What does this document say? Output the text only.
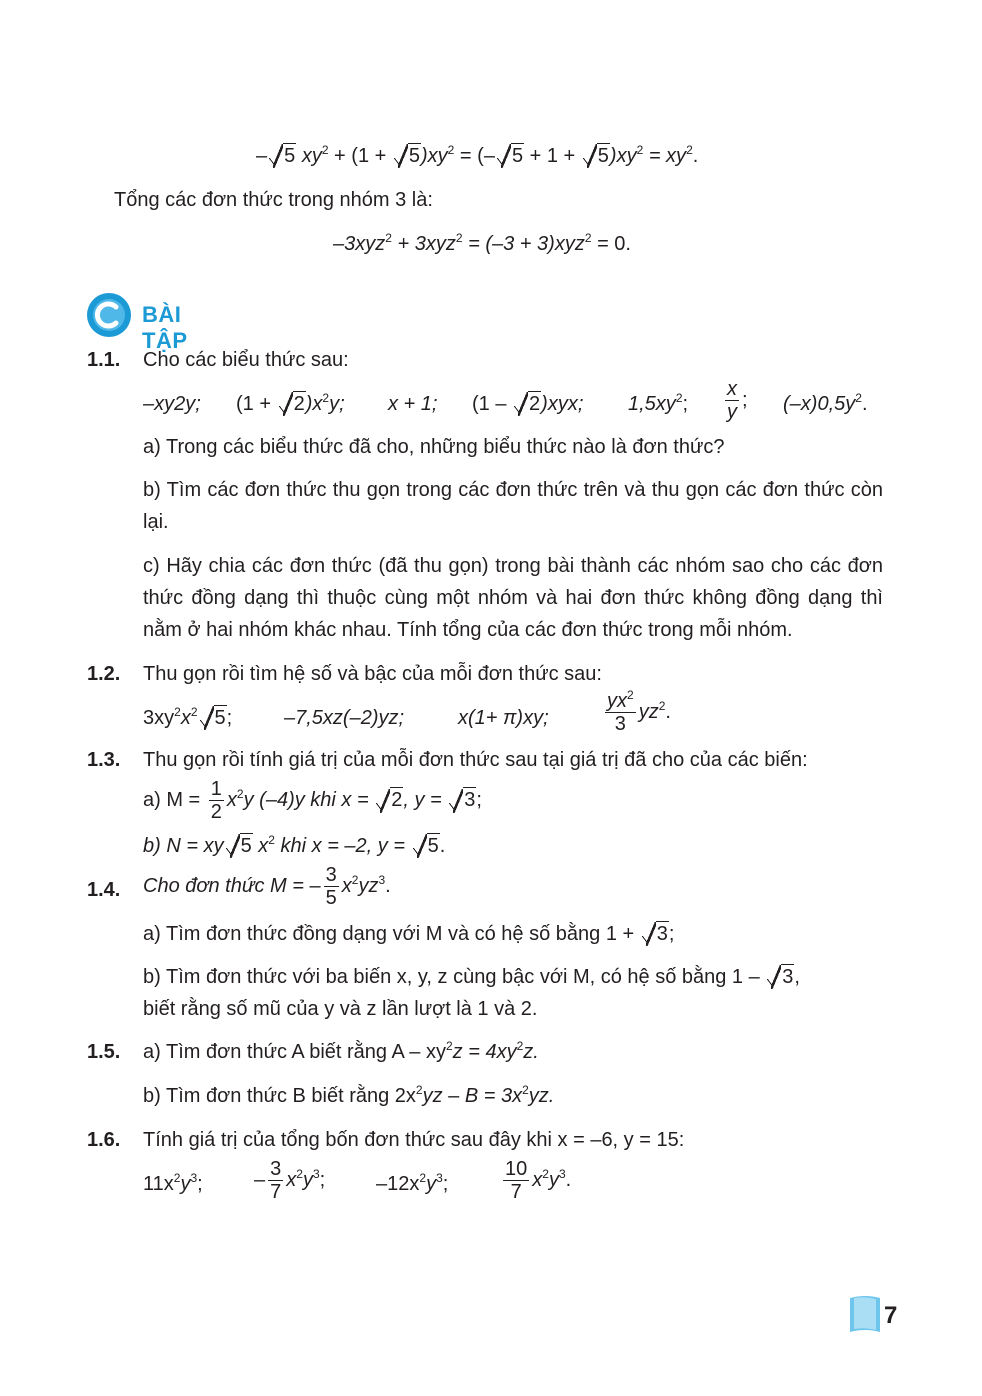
– 5 $xy^2 + (1 + 5)xy^2$ = (– $5 + 1 + 5)xy^2 = xy^2$.
Tổng các đơn thức trong nhóm 3 là:
–3xyz$^2$ + 3xyz$^2$ = (–3 + 3)xyz$^2$ = 0.
BÀI TẬP
1.1. Cho các biểu thức sau:
–xy2y; $(1 + 2)x^2y$; x + 1; (1 – 2)xyx; $1,5xy^2$; $\frac{x}{y}$ ; $(-x)0,5y^2$.
a) Trong các biểu thức đã cho, những biểu thức nào là đơn thức?
b) Tìm các đơn thức thu gọn trong các đơn thức trên và thu gọn các đơn thức còn lại.
c) Hãy chia các đơn thức (đã thu gọn) trong bài thành các nhóm sao cho các đơn thức đồng dạng thì thuộc cùng một nhóm và hai đơn thức không đồng dạng thì nằm ở hai nhóm khác nhau. Tính tổng của các đơn thức trong mỗi nhóm.
1.2. Thu gọn rồi tìm hệ số và bậc của mỗi đơn thức sau:
$3xy^2x^2$ 5;	–7,5xz(–2)yz;	x(1+ π)xy;	$\frac{yx^2}{3} yz^2$.
1.3. Thu gọn rồi tính giá trị của mỗi đơn thức sau tại giá trị đã cho của các biến:
a) $M = \frac{1}{2} x^2y$ (–4)y khi x = 2, y = 3;
b) N = xy 5 $x^2$ khi x = –2, y = 5.
1.4. Cho đơn thức M = – $\frac{3}{5} x^2yz^3$.
a) Tìm đơn thức đồng dạng với M và có hệ số bằng 1 + 3;
b) Tìm đơn thức với ba biến x, y, z cùng bậc với M, có hệ số bằng 1 – 3,
biết rằng số mũ của y và z lần lượt là 1 và 2.
1.5. a) Tìm đơn thức A biết rằng $A - xy^2z = 4xy^2z$.
b) Tìm đơn thức B biết rằng $2x^2yz - B = 3x^2yz$.
1.6. Tính giá trị của tổng bốn đơn thức sau đây khi x = –6, y = 15:
$11x^2y^3$;	– $\frac{3}{7} x^2y^3$;	$-12x^2y^3$;	$\frac{10}{7} x^2y^3$.
7
